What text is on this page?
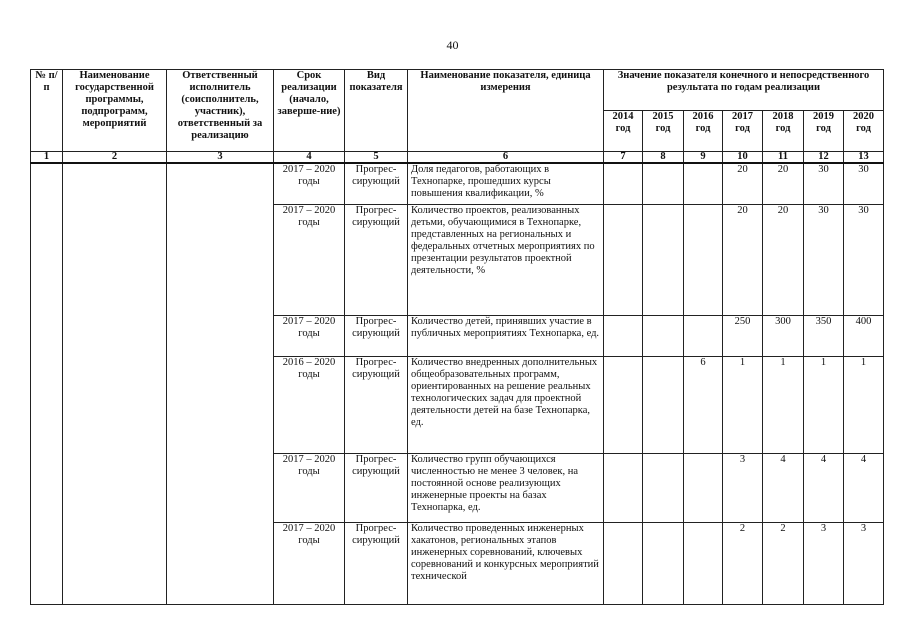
40
№ п/п	Наименование государственной программы, подпрограмм, мероприятий	Ответственный исполнитель (соисполнитель, участник), ответственный за реализацию	Срок реализации (начало, заверше-ние)	Вид показателя	Наименование показателя, единица измерения	Значение показателя конечного и непосредственного результата по годам реализации						
						2014 год	2015 год	2016 год	2017 год	2018 год	2019 год	2020 год
1	2	3	4	5	6	7	8	9	10	11	12	13
			2017 – 2020 годы	Прогрес-сирующий	Доля педагогов, работающих в Технопарке, прошедших курсы повышения квалификации, %				20	20	30	30
			2017 – 2020 годы	Прогрес-сирующий	Количество проектов, реализованных детьми, обучающимися в Технопарке, представленных на региональных и федеральных отчетных мероприятиях по презентации результатов проектной деятельности, %				20	20	30	30
			2017 – 2020 годы	Прогрес-сирующий	Количество детей, принявших участие в публичных мероприятиях Технопарка, ед.				250	300	350	400
			2016 – 2020 годы	Прогрес-сирующий	Количество внедренных дополнительных общеобразовательных программ, ориентированных на решение реальных технологических задач для проектной деятельности детей на базе Технопарка, ед.			6	1	1	1	1
			2017 – 2020 годы	Прогрес-сирующий	Количество групп обучающихся численностью не менее 3 человек, на постоянной основе реализующих инженерные проекты на базах Технопарка, ед.				3	4	4	4
			2017 – 2020 годы	Прогрес-сирующий	Количество проведенных инженерных хакатонов, региональных этапов инженерных соревнований, ключевых соревнований и конкурсных мероприятий технической				2	2	3	3
